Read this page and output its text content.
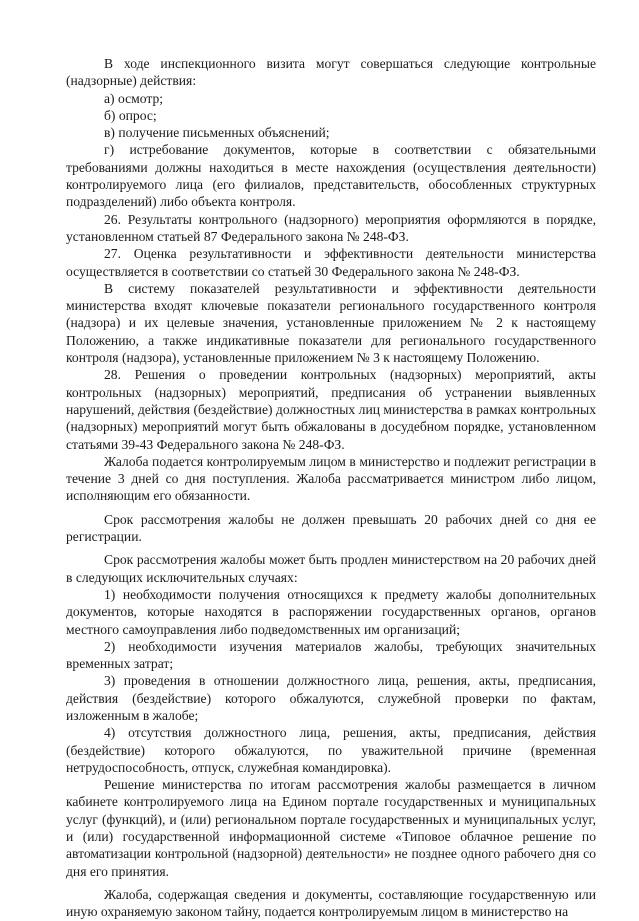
В ходе инспекционного визита могут совершаться следующие контрольные (надзорные) действия:

а) осмотр;

б) опрос;

в) получение письменных объяснений;

г) истребование документов, которые в соответствии с обязательными требованиями должны находиться в месте нахождения (осуществления деятельности) контролируемого лица (его филиалов, представительств, обособленных структурных подразделений) либо объекта контроля.

26. Результаты контрольного (надзорного) мероприятия оформляются в порядке, установленном статьей 87 Федерального закона № 248-ФЗ.

27. Оценка результативности и эффективности деятельности министерства осуществляется в соответствии со статьей 30 Федерального закона № 248-ФЗ.

В систему показателей результативности и эффективности деятельности министерства входят ключевые показатели регионального государственного контроля (надзора) и их целевые значения, установленные приложением № 2 к настоящему Положению, а также индикативные показатели для регионального государственного контроля (надзора), установленные приложением № 3 к настоящему Положению.

28. Решения о проведении контрольных (надзорных) мероприятий, акты контрольных (надзорных) мероприятий, предписания об устранении выявленных нарушений, действия (бездействие) должностных лиц министерства в рамках контрольных (надзорных) мероприятий могут быть обжалованы в досудебном порядке, установленном статьями 39-43 Федерального закона № 248-ФЗ.

Жалоба подается контролируемым лицом в министерство и подлежит регистрации в течение 3 дней со дня поступления. Жалоба рассматривается министром либо лицом, исполняющим его обязанности.

Срок рассмотрения жалобы не должен превышать 20 рабочих дней со дня ее регистрации.

Срок рассмотрения жалобы может быть продлен министерством на 20 рабочих дней в следующих исключительных случаях:

1) необходимости получения относящихся к предмету жалобы дополнительных документов, которые находятся в распоряжении государственных органов, органов местного самоуправления либо подведомственных им организаций;

2) необходимости изучения материалов жалобы, требующих значительных временных затрат;

3) проведения в отношении должностного лица, решения, акты, предписания, действия (бездействие) которого обжалуются, служебной проверки по фактам, изложенным в жалобе;

4) отсутствия должностного лица, решения, акты, предписания, действия (бездействие) которого обжалуются, по уважительной причине (временная нетрудоспособность, отпуск, служебная командировка).

Решение министерства по итогам рассмотрения жалобы размещается в личном кабинете контролируемого лица на Едином портале государственных и муниципальных услуг (функций), и (или) региональном портале государственных и муниципальных услуг, и (или) государственной информационной системе «Типовое облачное решение по автоматизации контрольной (надзорной) деятельности» не позднее одного рабочего дня со дня его принятия.

Жалоба, содержащая сведения и документы, составляющие государственную или иную охраняемую законом тайну, подается контролируемым лицом в министерство на
